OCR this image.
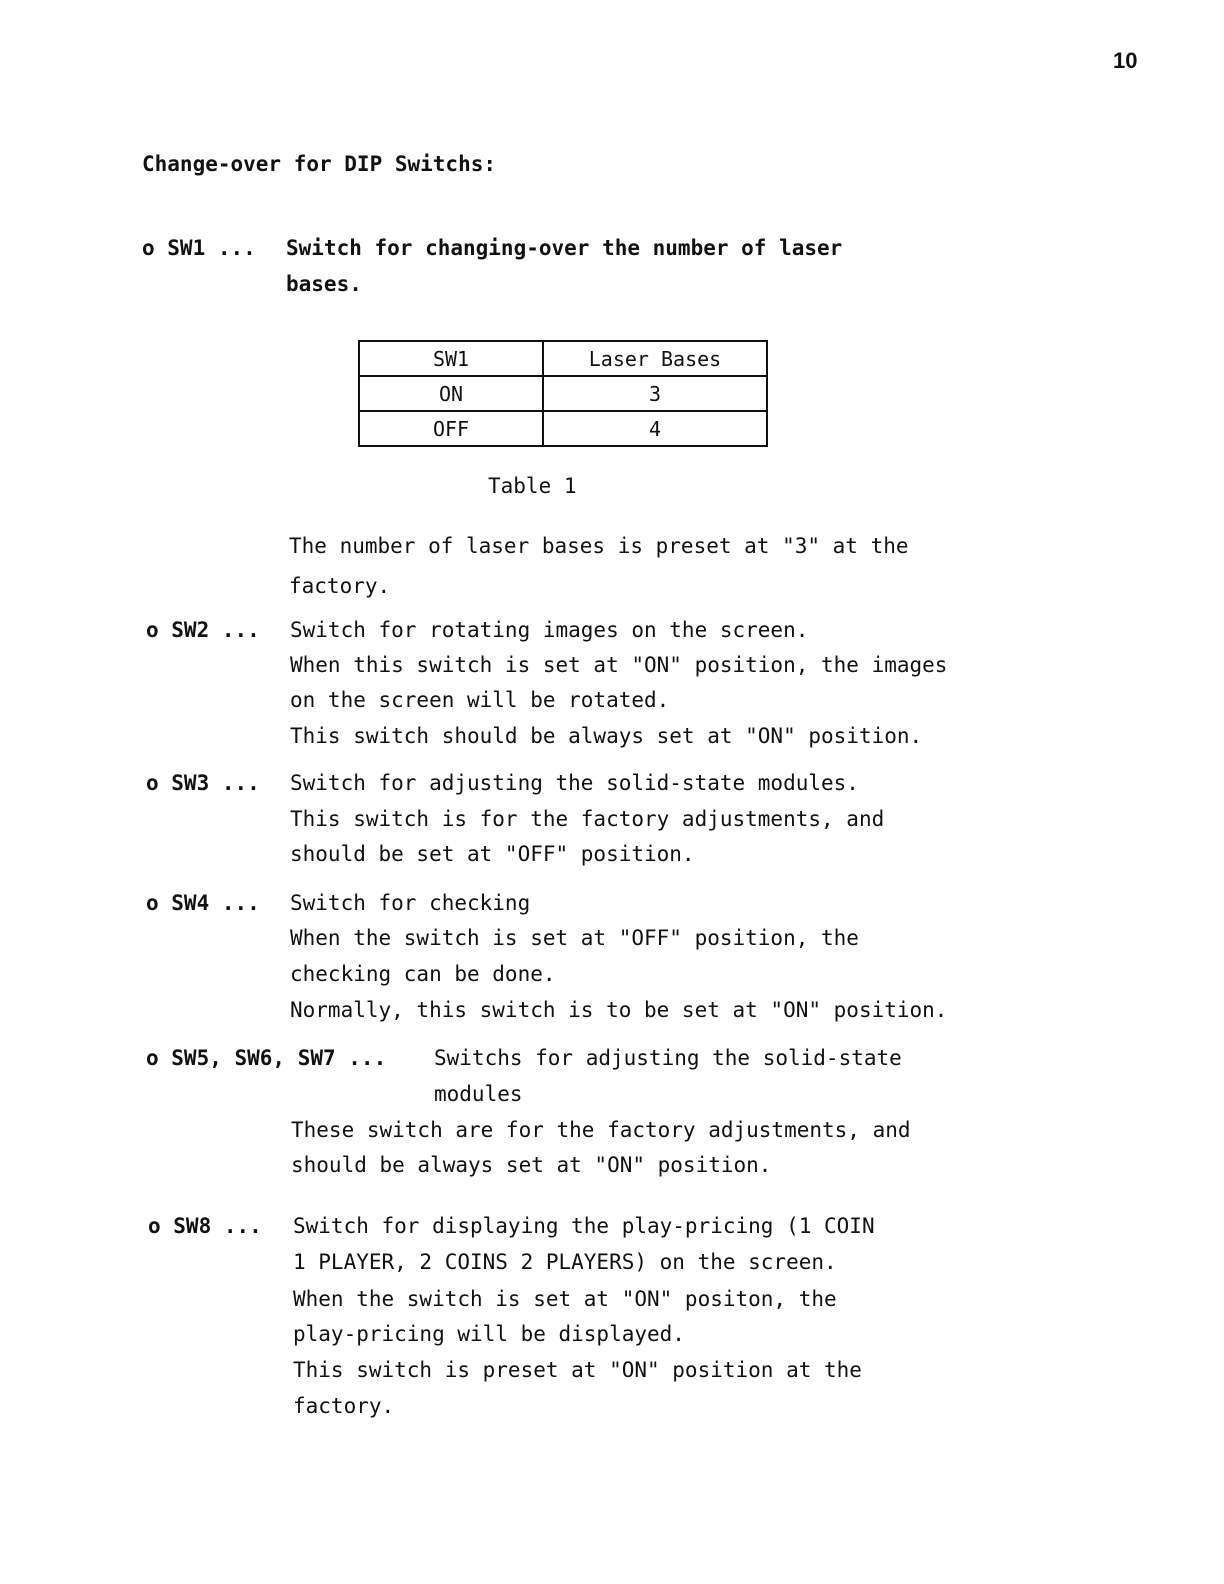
10
Change-over for DIP Switchs:
o SW1 ... Switch for changing-over the number of laser
bases.
SW1	Laser Bases
ON	3
OFF	4
Table 1
The number of laser bases is preset at "3" at the
factory.
o SW2 ... Switch for rotating images on the screen.
When this switch is set at "ON" position, the images
on the screen will be rotated.
This switch should be always set at "ON" position.
o SW3 ... Switch for adjusting the solid-state modules.
This switch is for the factory adjustments, and
should be set at "OFF" position.
o SW4 ... Switch for checking
When the switch is set at "OFF" position, the
checking can be done.
Normally, this switch is to be set at "ON" position.
o SW5, SW6, SW7 ... Switchs for adjusting the solid-state
modules
These switch are for the factory adjustments, and
should be always set at "ON" position.
o SW8 ... Switch for displaying the play-pricing (1 COIN
1 PLAYER, 2 COINS 2 PLAYERS) on the screen.
When the switch is set at "ON" positon, the
play-pricing will be displayed.
This switch is preset at "ON" position at the
factory.
